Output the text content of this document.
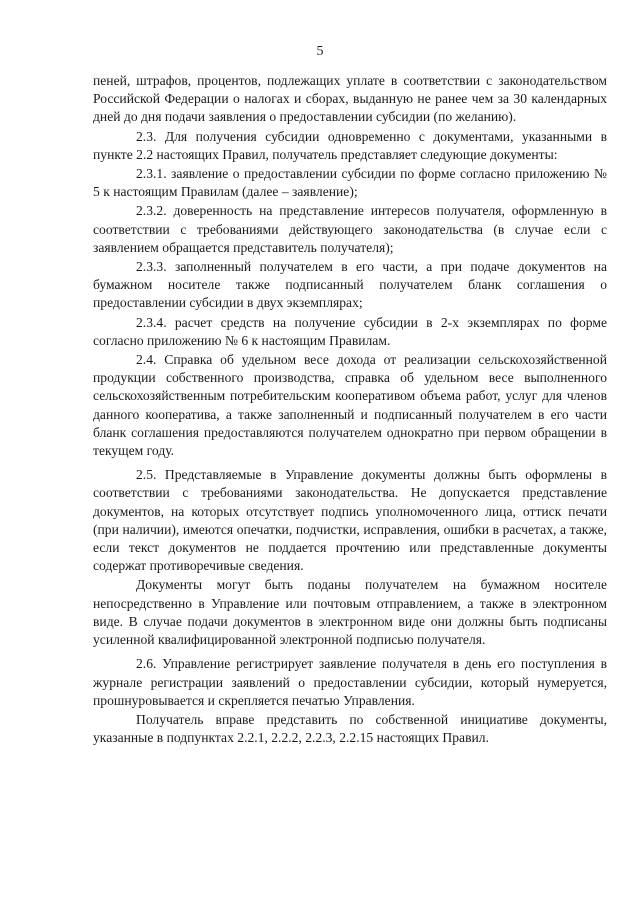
5

пеней, штрафов, процентов, подлежащих уплате в соответствии с законодательством Российской Федерации о налогах и сборах, выданную не ранее чем за 30 календарных дней до дня подачи заявления о предоставлении субсидии (по желанию).

2.3. Для получения субсидии одновременно с документами, указанными в пункте 2.2 настоящих Правил, получатель представляет следующие документы:

2.3.1. заявление о предоставлении субсидии по форме согласно приложению № 5 к настоящим Правилам (далее – заявление);

2.3.2. доверенность на представление интересов получателя, оформленную в соответствии с требованиями действующего законодательства (в случае если с заявлением обращается представитель получателя);

2.3.3. заполненный получателем в его части, а при подаче документов на бумажном носителе также подписанный получателем бланк соглашения о предоставлении субсидии в двух экземплярах;

2.3.4. расчет средств на получение субсидии в 2-х экземплярах по форме согласно приложению № 6 к настоящим Правилам.

2.4. Справка об удельном весе дохода от реализации сельскохозяйственной продукции собственного производства, справка об удельном весе выполненного сельскохозяйственным потребительским кооперативом объема работ, услуг для членов данного кооператива, а также заполненный и подписанный получателем в его части бланк соглашения предоставляются получателем однократно при первом обращении в текущем году.

2.5. Представляемые в Управление документы должны быть оформлены в соответствии с требованиями законодательства. Не допускается представление документов, на которых отсутствует подпись уполномоченного лица, оттиск печати (при наличии), имеются опечатки, подчистки, исправления, ошибки в расчетах, а также, если текст документов не поддается прочтению или представленные документы содержат противоречивые сведения.

Документы могут быть поданы получателем на бумажном носителе непосредственно в Управление или почтовым отправлением, а также в электронном виде. В случае подачи документов в электронном виде они должны быть подписаны усиленной квалифицированной электронной подписью получателя.

2.6. Управление регистрирует заявление получателя в день его поступления в журнале регистрации заявлений о предоставлении субсидии, который нумеруется, прошнуровывается и скрепляется печатью Управления.

Получатель вправе представить по собственной инициативе документы, указанные в подпунктах 2.2.1, 2.2.2, 2.2.3, 2.2.15 настоящих Правил.
